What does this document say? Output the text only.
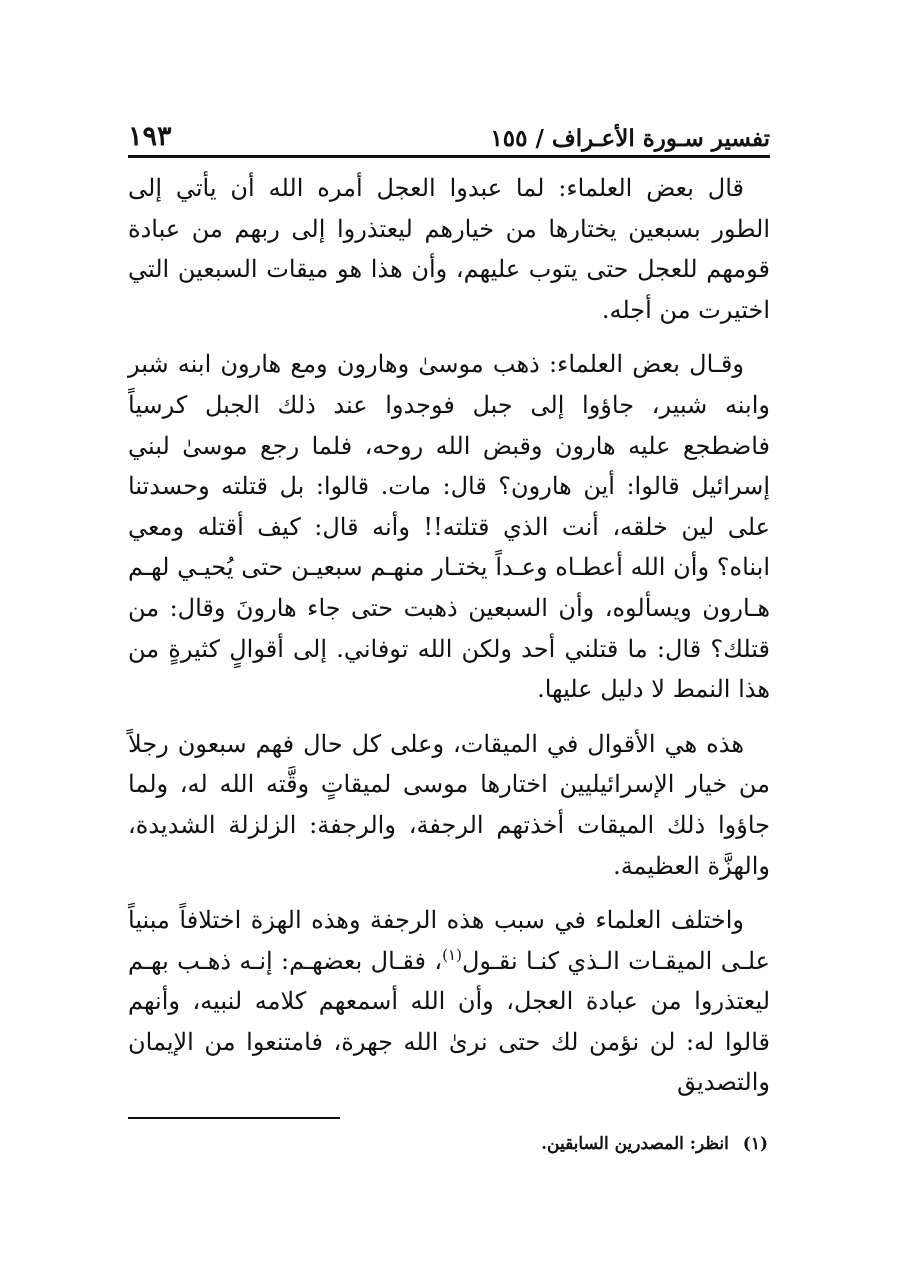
تفسير سـورة الأعـراف / ١٥٥
١٩٣

قال بعض العلماء: لما عبدوا العجل أمره الله أن يأتي إلى الطور بسبعين يختارها من خيارهم ليعتذروا إلى ربهم من عبادة قومهم للعجل حتى يتوب عليهم، وأن هذا هو ميقات السبعين التي اختيرت من أجله.

وقـال بعض العلماء: ذهب موسىٰ وهارون ومع هارون ابنه شبر وابنه شبير، جاؤوا إلى جبل فوجدوا عند ذلك الجبل كرسياً فاضطجع عليه هارون وقبض الله روحه، فلما رجع موسىٰ لبني إسرائيل قالوا: أين هارون؟ قال: مات. قالوا: بل قتلته وحسدتنا على لين خلقه، أنت الذي قتلته!! وأنه قال: كيف أقتله ومعي ابناه؟ وأن الله أعطـاه وعـداً يختـار منهـم سبعيـن حتى يُحيـي لهـم هـارون ويسألوه، وأن السبعين ذهبت حتى جاء هارونَ وقال: من قتلك؟ قال: ما قتلني أحد ولكن الله توفاني. إلى أقوالٍ كثيرةٍ من هذا النمط لا دليل عليها.

هذه هي الأقوال في الميقات، وعلى كل حال فهم سبعون رجلاً من خيار الإسرائيليين اختارها موسى لميقاتٍ وقَّته الله له، ولما جاؤوا ذلك الميقات أخذتهم الرجفة، والرجفة: الزلزلة الشديدة، والهزَّة العظيمة.

واختلف العلماء في سبب هذه الرجفة وهذه الهزة اختلافاً مبنياً علـى الميقـات الـذي كنـا نقـول$^{(١)}$، فقـال بعضهـم: إنـه ذهـب بهـم ليعتذروا من عبادة العجل، وأن الله أسمعهم كلامه لنبيه، وأنهم قالوا له: لن نؤمن لك حتى نرىٰ الله جهرة، فامتنعوا من الإيمان والتصديق

(١) انظر: المصدرين السابقين.
